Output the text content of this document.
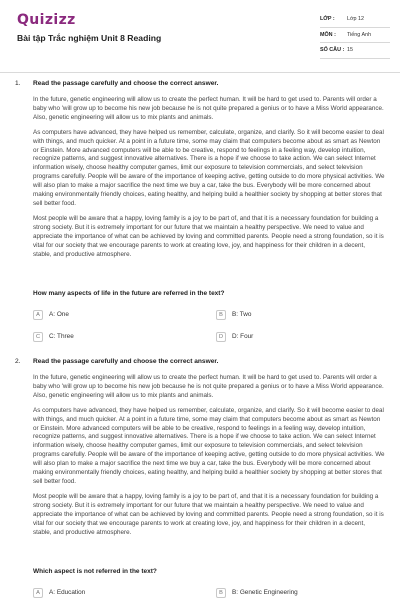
Quizizz
Bài tập Trắc nghiệm Unit 8 Reading
LỚP :	Lớp 12
MÔN :	Tiếng Anh
SỐ CÂU : 15
1. Read the passage carefully and choose the correct answer.
In the future, genetic engineering will allow us to create the perfect human. It will be hard to get used to. Parents will order a baby who 'will grow up to become his new job because he is not quite prepared a genius or to have a Miss World appearance. Also, genetic engineering will allow us to mix plants and animals.
As computers have advanced, they have helped us remember, calculate, organize, and clarify. So it will become easier to deal with things, and much quicker. At a point in a future time, some may claim that computers become about as smart as Newton or Einstein. More advanced computers will be able to be creative, respond to feelings in a feeling way, develop intuition, recognize patterns, and suggest innovative alternatives. There is a hope if we choose to take action. We can select Internet information wisely, choose healthy computer games, limit our exposure to television commercials, and select television programs carefully. People will be aware of the importance of keeping active, getting outside to do more physical activities. We will also plan to make a major sacrifice the next time we buy a car, take the bus. Everybody will be more concerned about making environmentally friendly choices, eating healthy, and helping build a healthier society by shopping at better stores that sell better food.
Most people will be aware that a happy, loving family is a joy to be part of, and that it is a necessary foundation for building a strong society. But it is extremely important for our future that we maintain a healthy perspective. We need to value and appreciate the importance of what can be achieved by loving and committed parents. People need a strong foundation, so it is vital for our society that we encourage parents to work at creating love, joy, and happiness for their children in a decent, stable, and productive atmosphere.
How many aspects of life in the future are referred in the text?
A	A: One	B	B: Two
C	C: Three	D	D: Four
2. Read the passage carefully and choose the correct answer.
In the future, genetic engineering will allow us to create the perfect human. It will be hard to get used to. Parents will order a baby who 'will grow up to become his new job because he is not quite prepared a genius or to have a Miss World appearance. Also, genetic engineering will allow us to mix plants and animals.
As computers have advanced, they have helped us remember, calculate, organize, and clarify. So it will become easier to deal with things, and much quicker. At a point in a future time, some may claim that computers become about as smart as Newton or Einstein. More advanced computers will be able to be creative, respond to feelings in a feeling way, develop intuition, recognize patterns, and suggest innovative alternatives. There is a hope if we choose to take action. We can select Internet information wisely, choose healthy computer games, limit our exposure to television commercials, and select television programs carefully. People will be aware of the importance of keeping active, getting outside to do more physical activities. We will also plan to make a major sacrifice the next time we buy a car, take the bus. Everybody will be more concerned about making environmentally friendly choices, eating healthy, and helping build a healthier society by shopping at better stores that sell better food.
Most people will be aware that a happy, loving family is a joy to be part of, and that it is a necessary foundation for building a strong society. But it is extremely important for our future that we maintain a healthy perspective. We need to value and appreciate the importance of what can be achieved by loving and committed parents. People need a strong foundation, so it is vital for our society that we encourage parents to work at creating love, joy, and happiness for their children in a decent, stable, and productive atmosphere.
Which aspect is not referred in the text?
A	A: Education	B	B: Genetic Engineering
